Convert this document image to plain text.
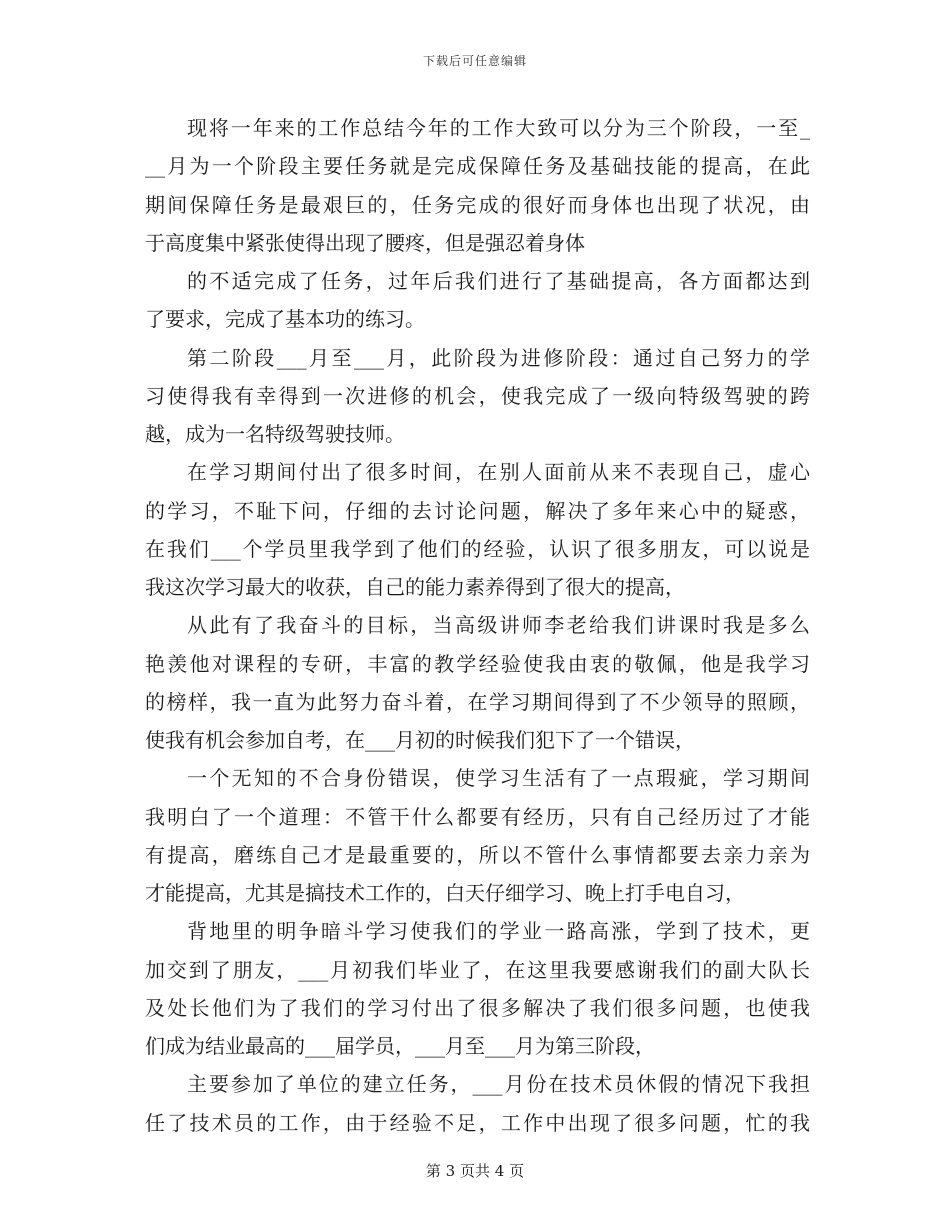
下载后可任意编辑
现将一年来的工作总结今年的工作大致可以分为三个阶段，一至_
__月为一个阶段主要任务就是完成保障任务及基础技能的提高，在此
期间保障任务是最艰巨的，任务完成的很好而身体也出现了状况，由
于高度集中紧张使得出现了腰疼，但是强忍着身体
的不适完成了任务，过年后我们进行了基础提高，各方面都达到
了要求，完成了基本功的练习。
第二阶段___月至___月，此阶段为进修阶段：通过自己努力的学
习使得我有幸得到一次进修的机会，使我完成了一级向特级驾驶的跨
越，成为一名特级驾驶技师。
在学习期间付出了很多时间，在别人面前从来不表现自己，虚心
的学习，不耻下问，仔细的去讨论问题，解决了多年来心中的疑惑，
在我们___个学员里我学到了他们的经验，认识了很多朋友，可以说是
我这次学习最大的收获，自己的能力素养得到了很大的提高，
从此有了我奋斗的目标，当高级讲师李老给我们讲课时我是多么
艳羡他对课程的专研，丰富的教学经验使我由衷的敬佩，他是我学习
的榜样，我一直为此努力奋斗着，在学习期间得到了不少领导的照顾，
使我有机会参加自考，在___月初的时候我们犯下了一个错误，
一个无知的不合身份错误，使学习生活有了一点瑕疵，学习期间
我明白了一个道理：不管干什么都要有经历，只有自己经历过了才能
有提高，磨练自己才是最重要的，所以不管什么事情都要去亲力亲为
才能提高，尤其是搞技术工作的，白天仔细学习、晚上打手电自习，
背地里的明争暗斗学习使我们的学业一路高涨，学到了技术，更
加交到了朋友，___月初我们毕业了，在这里我要感谢我们的副大队长
及处长他们为了我们的学习付出了很多解决了我们很多问题，也使我
们成为结业最高的___届学员，___月至___月为第三阶段，
主要参加了单位的建立任务，___月份在技术员休假的情况下我担
任了技术员的工作，由于经验不足，工作中出现了很多问题，忙的我
第 3 页共 4 页
